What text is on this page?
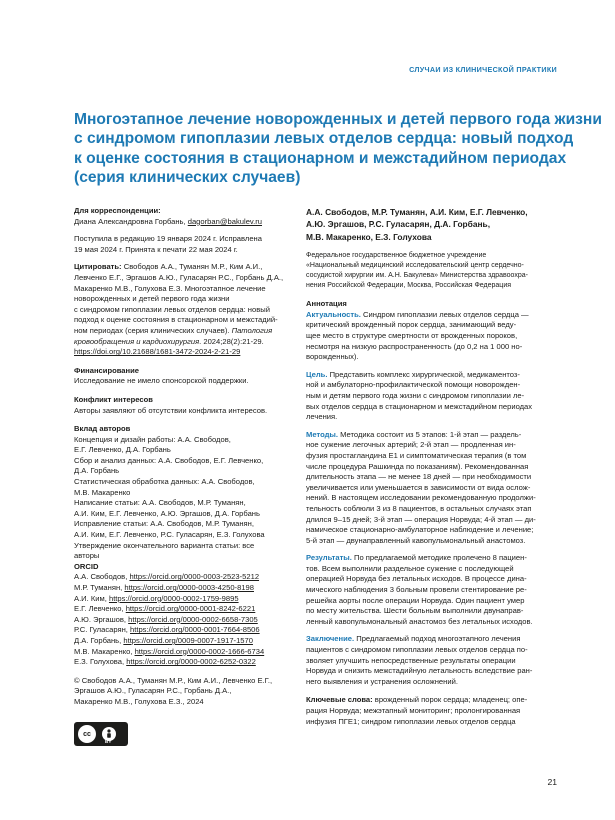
СЛУЧАИ ИЗ КЛИНИЧЕСКОЙ ПРАКТИКИ
Многоэтапное лечение новорожденных и детей первого года жизни
с синдромом гипоплазии левых отделов сердца: новый подход
к оценке состояния в стационарном и межстадийном периодах
(серия клинических случаев)

Для корреспонденции:

Диана Александровна Горбань, dagorban@bakulev.ru

Поступила в редакцию 19 января 2024 г. Исправлена
19 мая 2024 г. Принята к печати 22 мая 2024 г.

Цитировать: Свободов А.А., Туманян М.Р., Ким А.И.,
Левченко Е.Г., Эргашов А.Ю., Гуласарян Р.С., Горбань Д.А.,
Макаренко М.В., Голухова Е.З. Многоэтапное лечение
новорожденных и детей первого года жизни
с синдромом гипоплазии левых отделов сердца: новый
подход к оценке состояния в стационарном и межстадий-
ном периодах (серия клинических случаев). Патология
кровообращения и кардиохирургия. 2024;28(2):21-29.
https://doi.org/10.21688/1681-3472-2024-2-21-29

Финансирование

Исследование не имело спонсорской поддержки.

Конфликт интересов

Авторы заявляют об отсутствии конфликта интересов.

Вклад авторов

Концепция и дизайн работы: А.А. Свободов,
Е.Г. Левченко, Д.А. Горбань
Сбор и анализ данных: А.А. Свободов, Е.Г. Левченко,
Д.А. Горбань
Статистическая обработка данных: А.А. Свободов,
М.В. Макаренко
Написание статьи: А.А. Свободов, М.Р. Туманян,
А.И. Ким, Е.Г. Левченко, А.Ю. Эргашов, Д.А. Горбань
Исправление статьи: А.А. Свободов, М.Р. Туманян,
А.И. Ким, Е.Г. Левченко, Р.С. Гуласарян, Е.З. Голухова
Утверждение окончательного варианта статьи: все
авторы

ORCID

А.А. Свободов, https://orcid.org/0000-0003-2523-5212
М.Р. Туманян, https://orcid.org/0000-0003-4250-8198
А.И. Ким, https://orcid.org/0000-0002-1759-9895
Е.Г. Левченко, https://orcid.org/0000-0001-8242-6221
А.Ю. Эргашов, https://orcid.org/0000-0002-6658-7305
Р.С. Гуласарян, https://orcid.org/0000-0001-7664-8506
Д.А. Горбань, https://orcid.org/0009-0007-1917-1570
М.В. Макаренко, https://orcid.org/0000-0002-1666-6734
Е.З. Голухова, https://orcid.org/0000-0002-6252-0322

© Свободов А.А., Туманян М.Р., Ким А.И., Левченко Е.Г.,
Эргашов А.Ю., Гуласарян Р.С., Горбань Д.А.,
Макаренко М.В., Голухова Е.З., 2024

cc
BY

А.А. Свободов, М.Р. Туманян, А.И. Ким, Е.Г. Левченко,
А.Ю. Эргашов, Р.С. Гуласарян, Д.А. Горбань,
М.В. Макаренко, Е.З. Голухова

Федеральное государственное бюджетное учреждение
«Национальный медицинский исследовательский центр сердечно-
сосудистой хирургии им. А.Н. Бакулева» Министерства здравоохра-
нения Российской Федерации, Москва, Российская Федерация

Аннотация

Актуальность. Синдром гипоплазии левых отделов сердца —
критический врожденный порок сердца, занимающий веду-
щее место в структуре смертности от врожденных пороков,
несмотря на низкую распространенность (до 0,2 на 1 000 но-
ворожденных).

Цель. Представить комплекс хирургической, медикаментоз-
ной и амбулаторно-профилактической помощи новорожден-
ным и детям первого года жизни с синдромом гипоплазии ле-
вых отделов сердца в стационарном и межстадийном периодах
лечения.

Методы. Методика состоит из 5 этапов: 1-й этап — раздель-
ное сужение легочных артерий; 2-й этап — продленная ин-
фузия простагландина Е1 и симптоматическая терапия (в том
числе процедура Рашкинда по показаниям). Рекомендованная
длительность этапа — не менее 18 дней — при необходимости
увеличивается или уменьшается в зависимости от вида ослож-
нений. В настоящем исследовании рекомендованную продолжи-
тельность соблюли 3 из 8 пациентов, в остальных случаях этап
длился 9–15 дней; 3-й этап — операция Норвуда; 4-й этап — ди-
намическое стационарно-амбулаторное наблюдение и лечение;
5-й этап — двунаправленный кавопульмональный анастомоз.

Результаты. По предлагаемой методике пролечено 8 пациен-
тов. Всем выполнили раздельное сужение с последующей
операцией Норвуда без летальных исходов. В процессе дина-
мического наблюдения 3 больным провели стентирование ре-
решейка аорты после операции Норвуда. Один пациент умер
по месту жительства. Шести больным выполнили двунаправ-
ленный кавопульмональный анастомоз без летальных исходов.

Заключение. Предлагаемый подход многоэтапного лечения
пациентов с синдромом гипоплазии левых отделов сердца по-
зволяет улучшить непосредственные результаты операции
Норвуда и снизить межстадийную летальность вследствие ран-
него выявления и устранения осложнений.

Ключевые слова: врожденный порок сердца; младенец; опе-
рация Норвуда; межэтапный мониторинг; пролонгированная
инфузия ПГЕ1; синдром гипоплазии левых отделов сердца

21
